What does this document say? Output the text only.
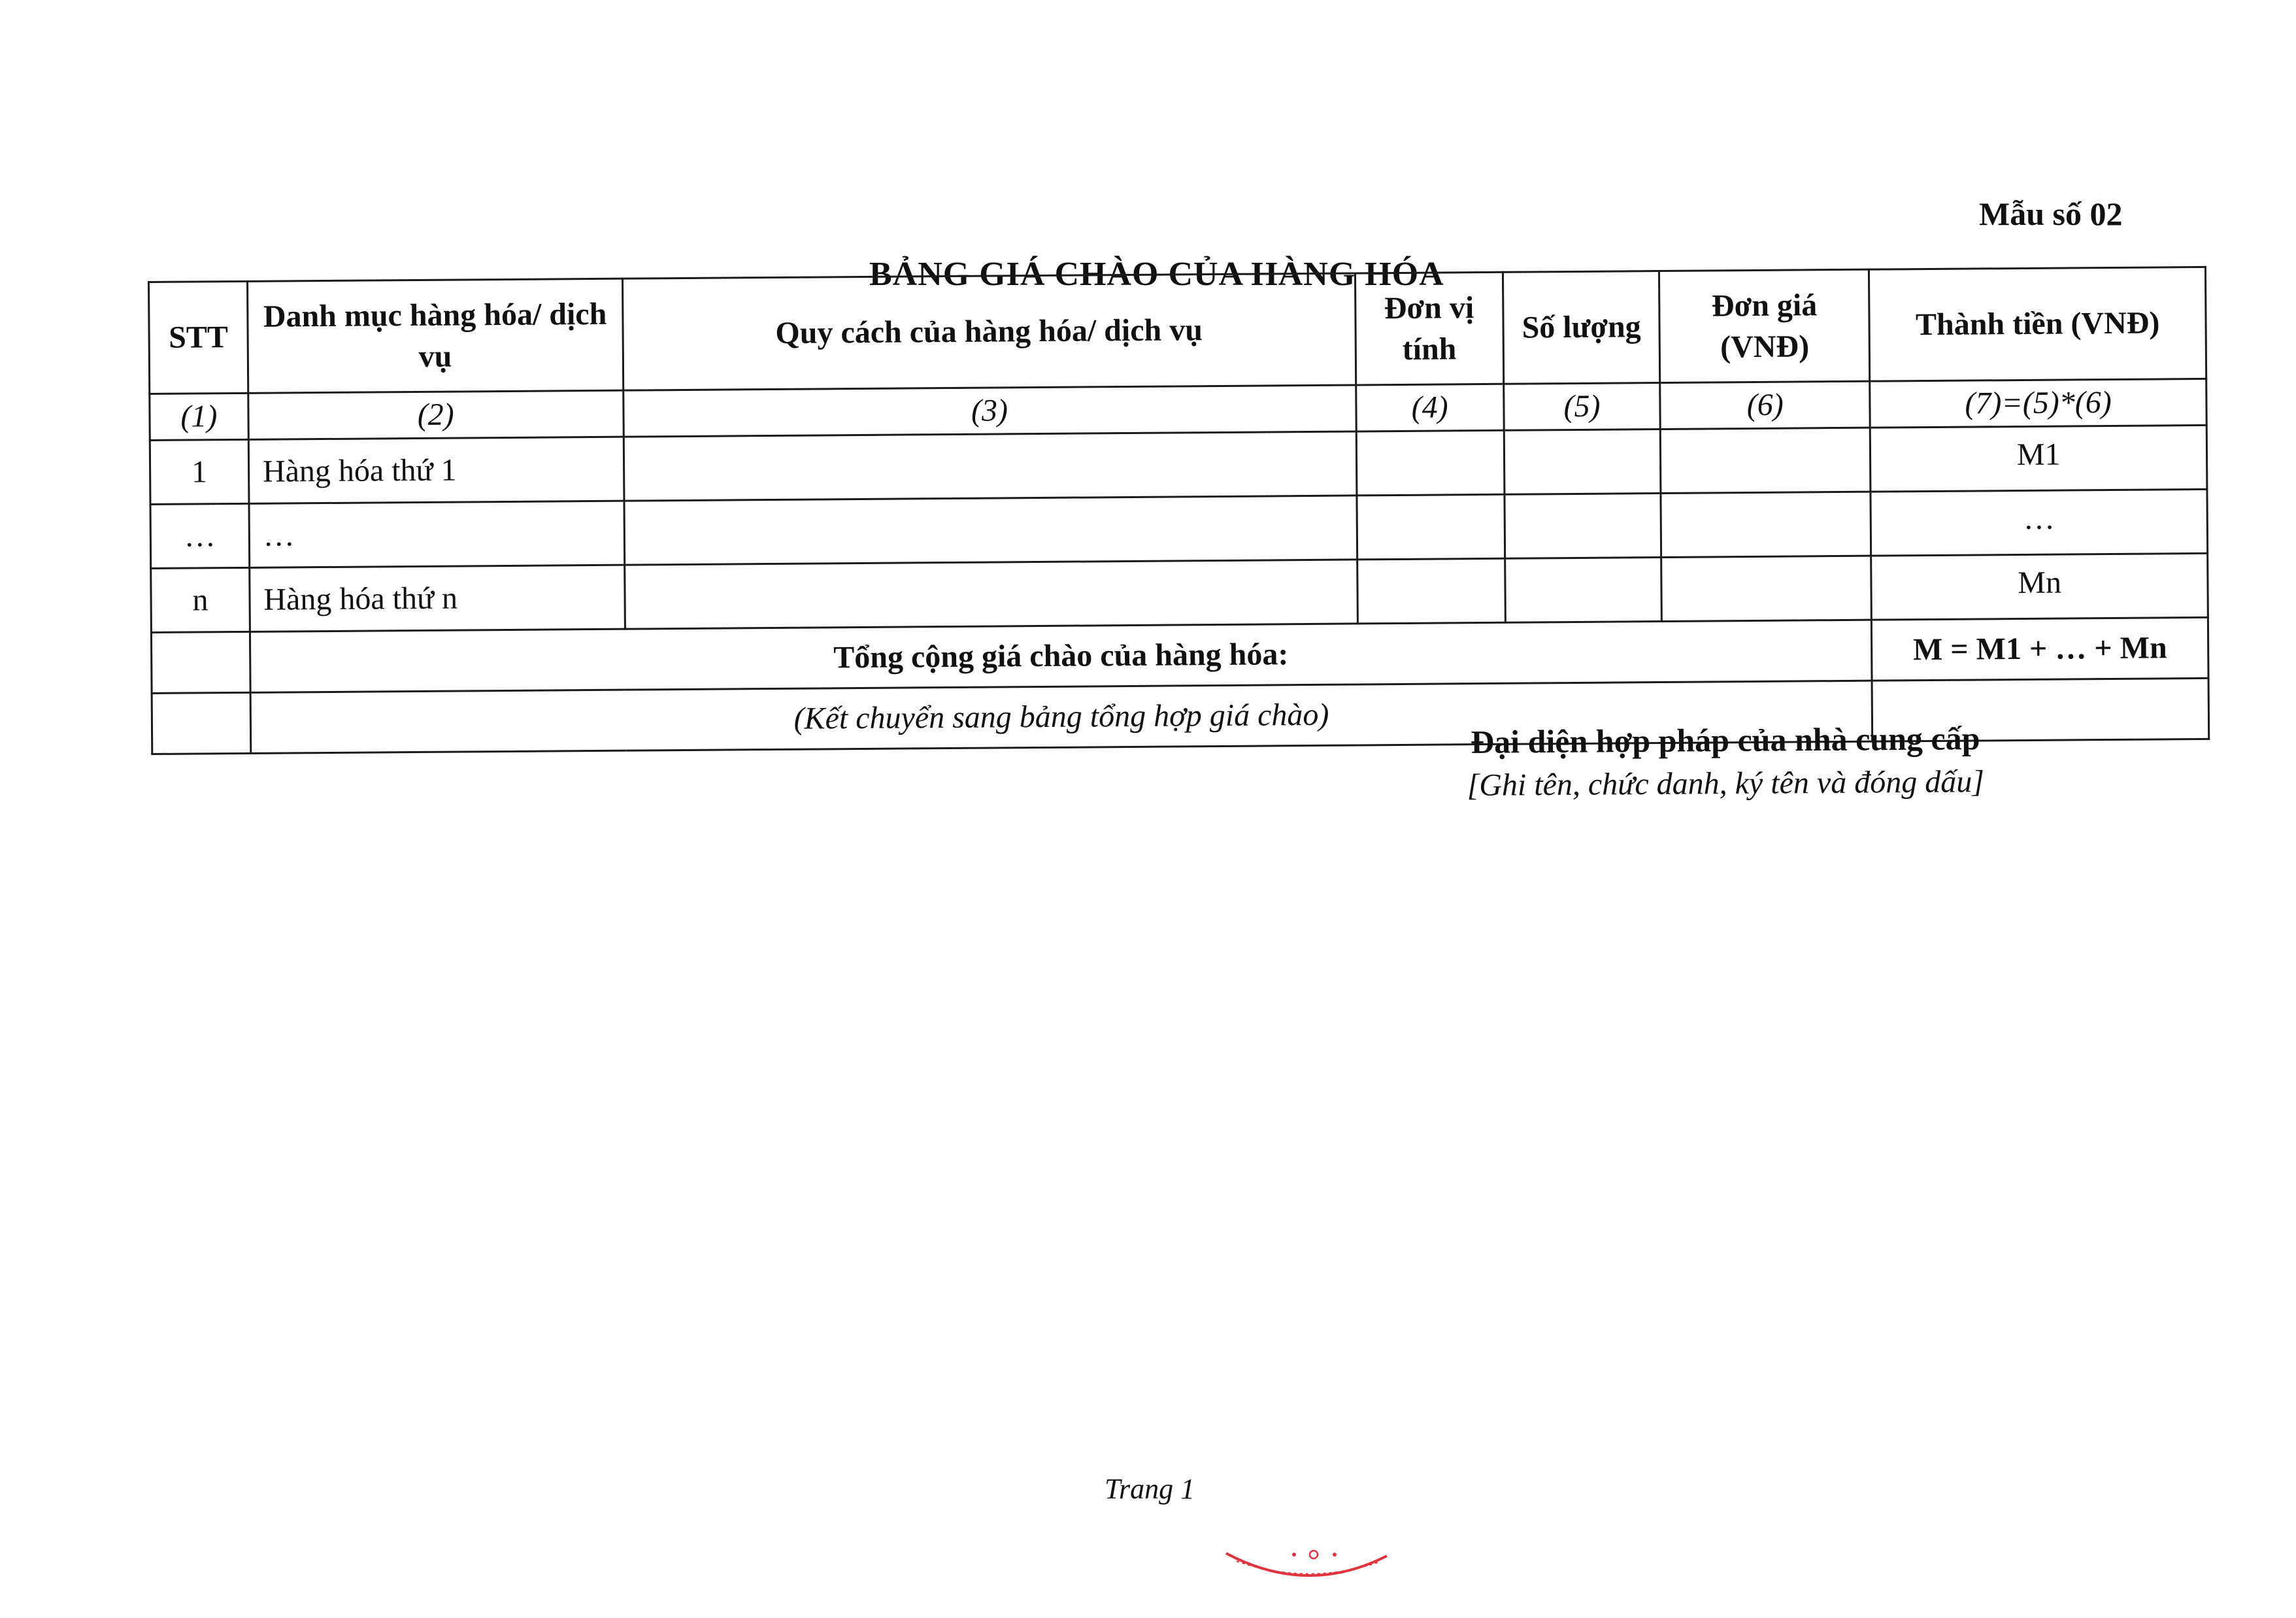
Mẫu số 02
BẢNG GIÁ CHÀO CỦA HÀNG HÓA
STT	Danh mục hàng hóa/ dịch vụ	Quy cách của hàng hóa/ dịch vụ	Đơn vị tính	Số lượng	Đơn giá (VNĐ)	Thành tiền (VNĐ)
(1)	(2)	(3)	(4)	(5)	(6)	(7)=(5)*(6)
1	Hàng hóa thứ 1					M1
…	…					…
n	Hàng hóa thứ n					Mn
	Tổng cộng giá chào của hàng hóa:					M = M1 + … + Mn
	(Kết chuyển sang bảng tổng hợp giá chào)					
Đại diện hợp pháp của nhà cung cấp
[Ghi tên, chức danh, ký tên và đóng dấu]
Trang 1
